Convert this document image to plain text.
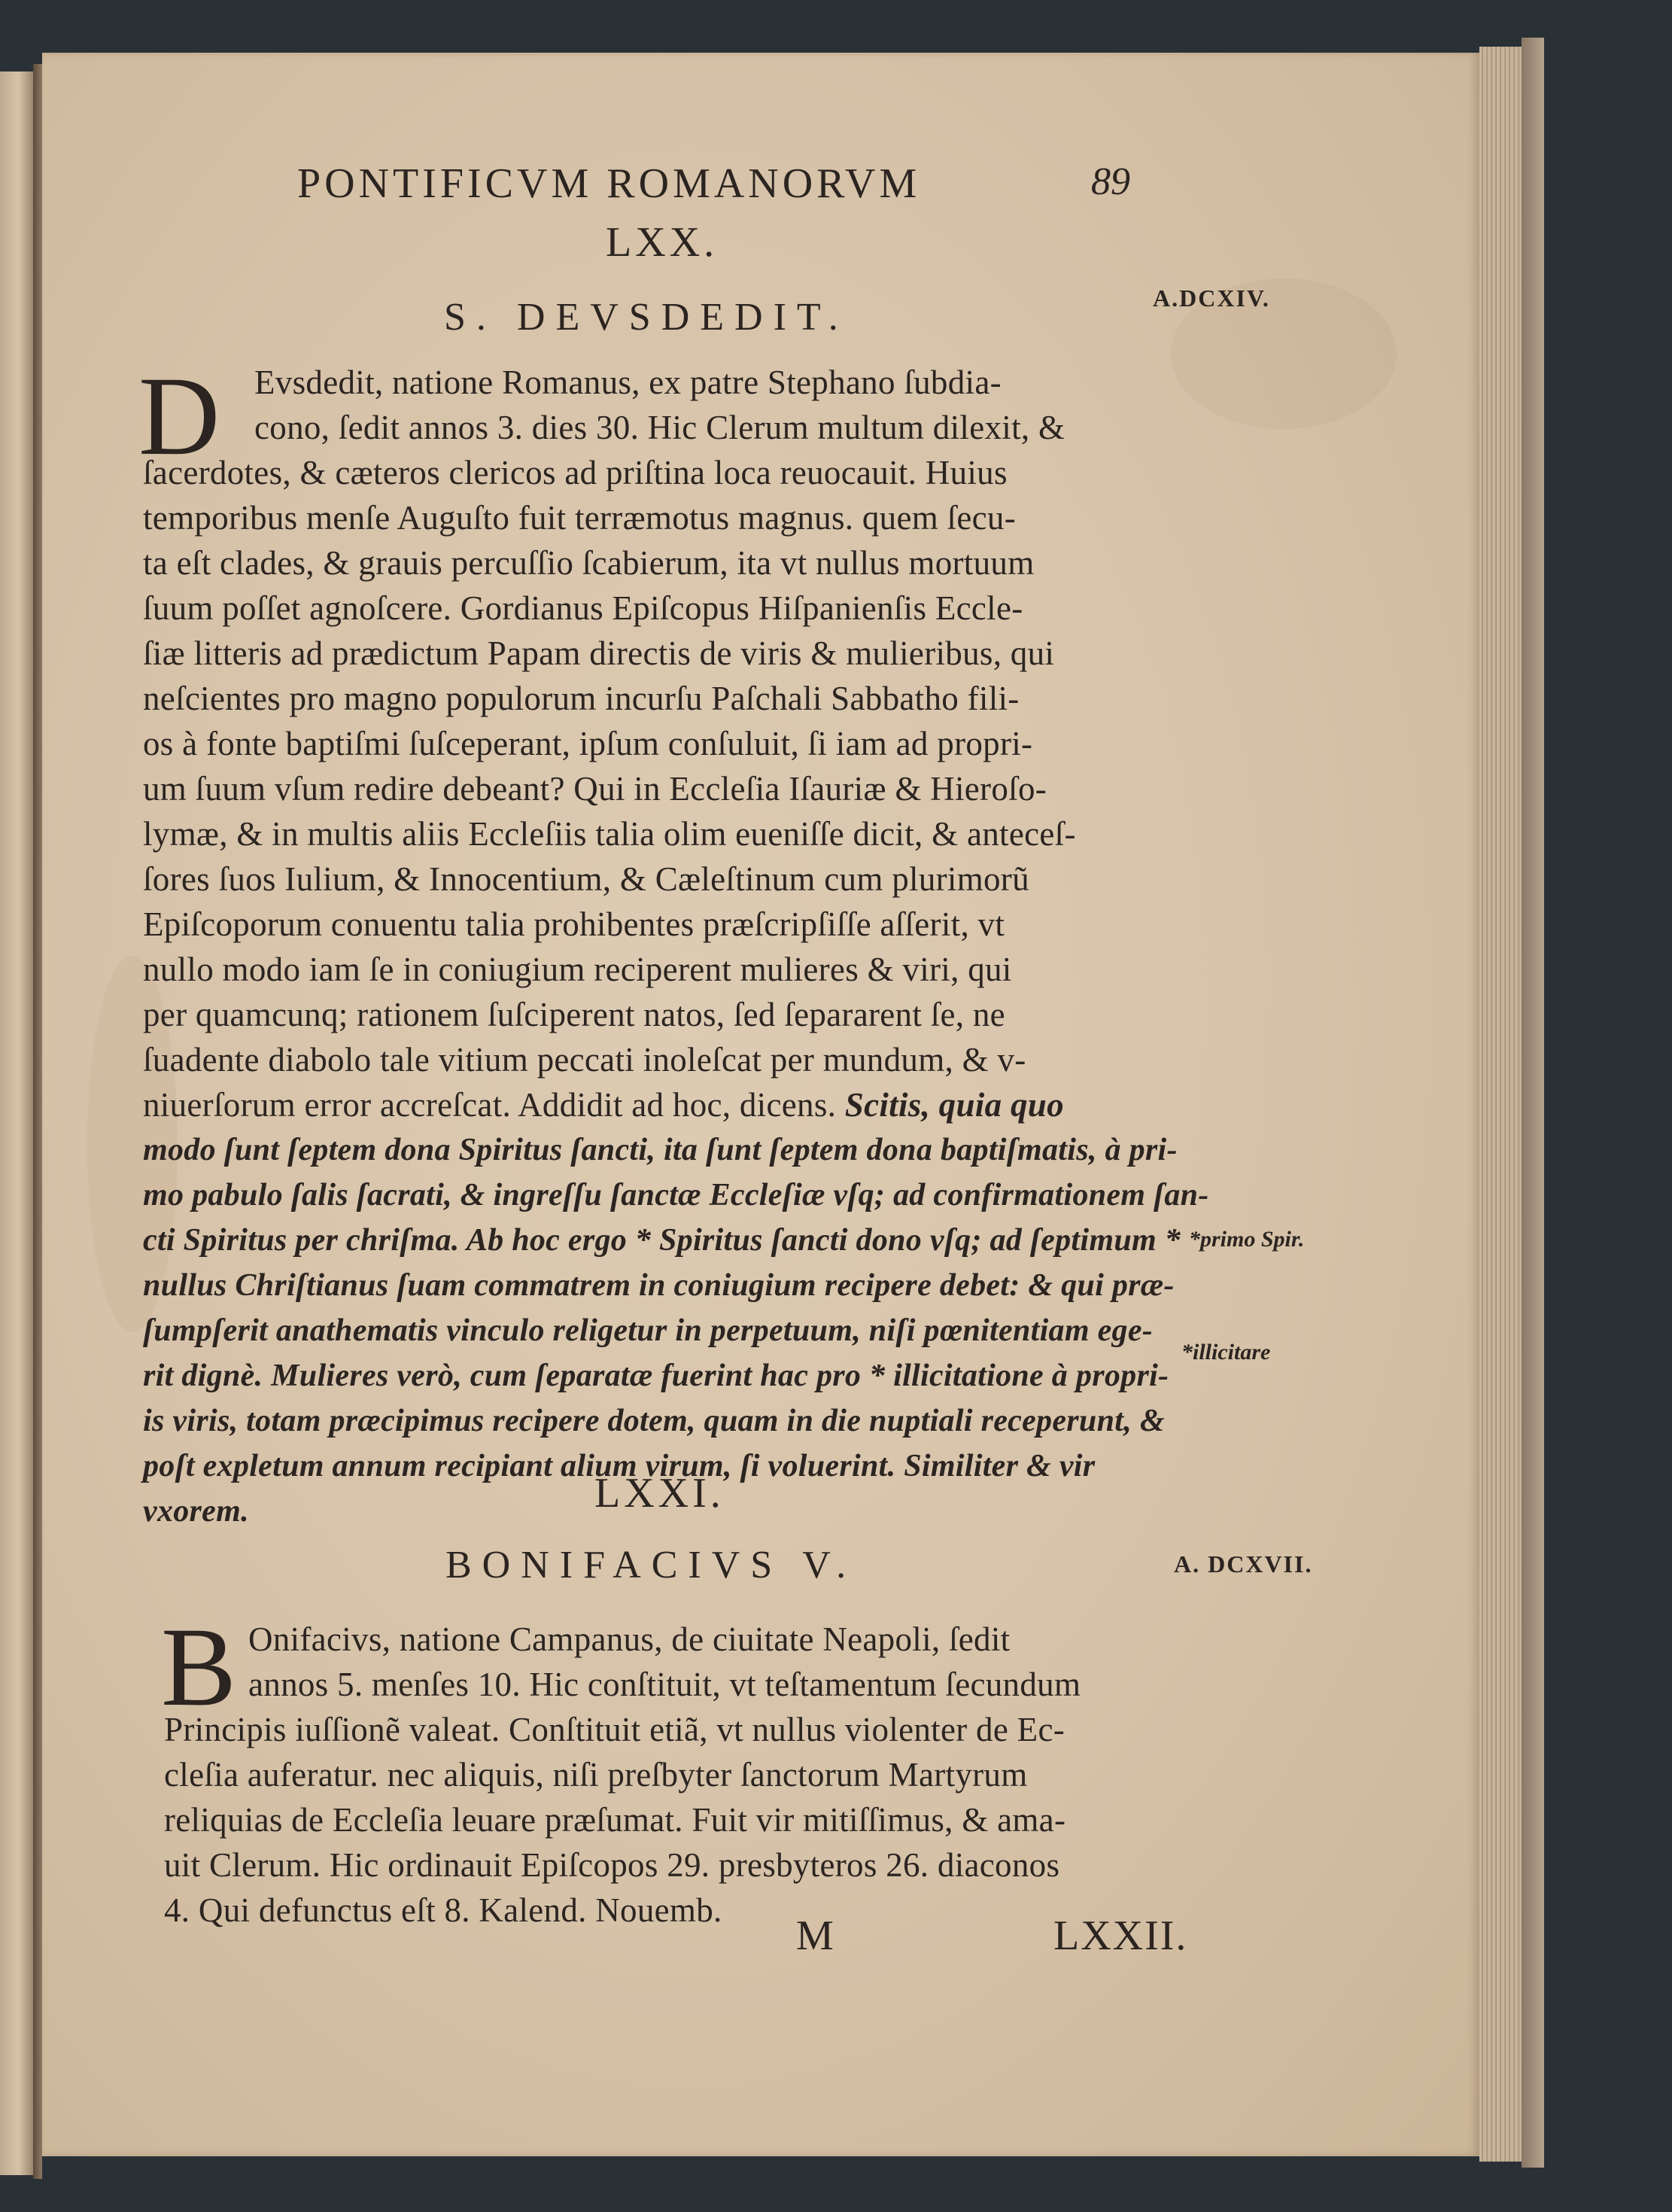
PONTIFICVM ROMANORVM	89
LXX.
S. DEVSDEDIT.	A.DCXIV.
D Evsdedit, natione Romanus, ex patre Stephano ſubdia-
cono, ſedit annos 3. dies 30. Hic Clerum multum dilexit, &
ſacerdotes, & cæteros clericos ad priſtina loca reuocauit. Huius
temporibus menſe Auguſto fuit terræmotus magnus. quem ſecu-
ta eſt clades, & grauis percuſſio ſcabierum, ita vt nullus mortuum
ſuum poſſet agnoſcere. Gordianus Epiſcopus Hiſpanienſis Eccle-
ſiæ litteris ad prædictum Papam directis de viris & mulieribus, qui
neſcientes pro magno populorum incurſu Paſchali Sabbatho fili-
os à fonte baptiſmi ſuſceperant, ipſum conſuluit, ſi iam ad propri-
um ſuum vſum redire debeant? Qui in Eccleſia Iſauriæ & Hieroſo-
lymæ, & in multis aliis Eccleſiis talia olim eueniſſe dicit, & anteceſ-
ſores ſuos Iulium, & Innocentium, & Cæleſtinum cum plurimorũ
Epiſcoporum conuentu talia prohibentes præſcripſiſſe aſſerit, vt
nullo modo iam ſe in coniugium reciperent mulieres & viri, qui
per quamcunq; rationem ſuſciperent natos, ſed ſepararent ſe, ne
ſuadente diabolo tale vitium peccati inoleſcat per mundum, & v-
niuerſorum error accreſcat. Addidit ad hoc, dicens. Scitis, quia quo
modo ſunt ſeptem dona Spiritus ſancti, ita ſunt ſeptem dona baptiſmatis, à pri-
mo pabulo ſalis ſacrati, & ingreſſu ſanctæ Eccleſiæ vſq; ad confirmationem ſan-
cti Spiritus per chriſma. Ab hoc ergo * Spiritus ſancti dono vſq; ad ſeptimum *
nullus Chriſtianus ſuam commatrem in coniugium recipere debet: & qui præ-
ſumpſerit anathematis vinculo religetur in perpetuum, niſi pœnitentiam ege-
rit dignè. Mulieres verò, cum ſeparatæ fuerint hac pro * illicitatione à propri-
is viris, totam præcipimus recipere dotem, quam in die nuptiali receperunt, &
poſt expletum annum recipiant alium virum, ſi voluerint. Similiter & vir
vxorem.
*primo Spir.
*illicitare
LXXI.
BONIFACIVS V.	A. DCXVII.
B Onifacivs, natione Campanus, de ciuitate Neapoli, ſedit
annos 5. menſes 10. Hic conſtituit, vt teſtamentum ſecundum
Principis iuſſionẽ valeat. Conſtituit etiã, vt nullus violenter de Ec-
cleſia auferatur. nec aliquis, niſi preſbyter ſanctorum Martyrum
reliquias de Eccleſia leuare præſumat. Fuit vir mitiſſimus, & ama-
uit Clerum. Hic ordinauit Epiſcopos 29. presbyteros 26. diaconos
4. Qui defunctus eſt 8. Kalend. Nouemb.
M	LXXII.
